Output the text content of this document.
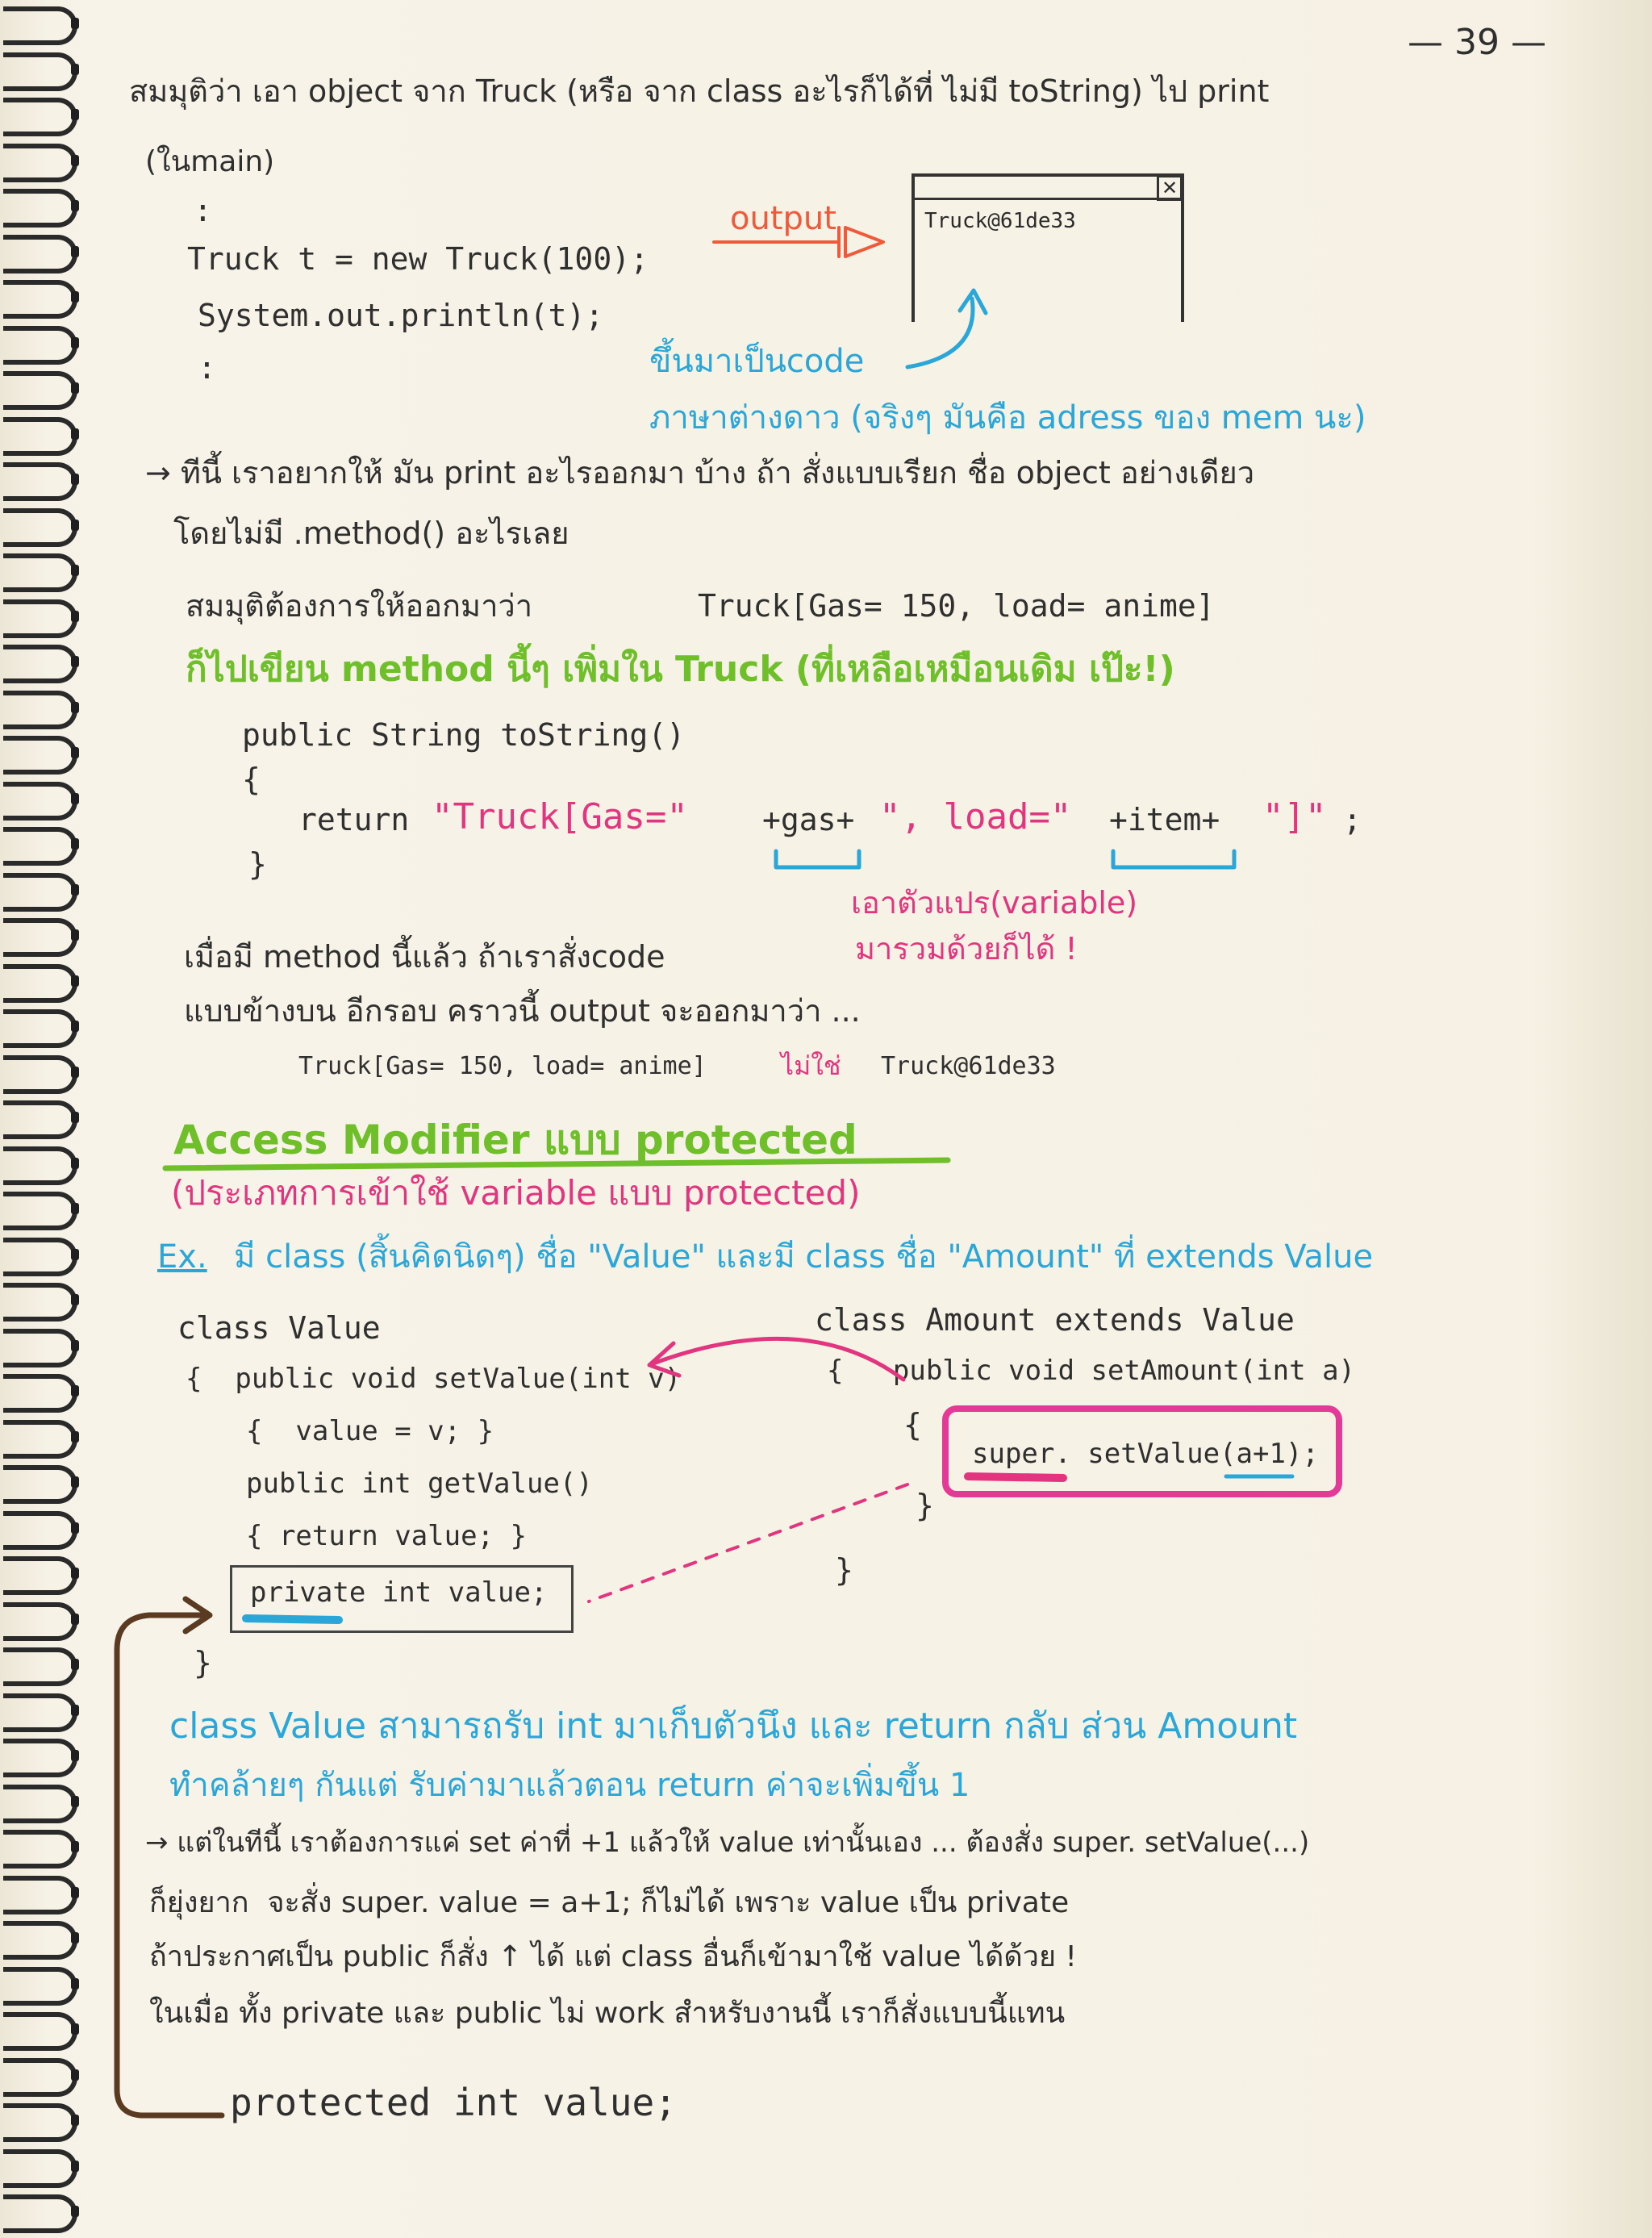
— 39 —
สมมุติว่า เอา object จาก Truck (หรือ จาก class อะไรก็ได้ที่ ไม่มี toString) ไป print
(ในmain)
:
Truck t = new Truck(100);
System.out.println(t);
:
output
✕
Truck@61de33
ขึ้นมาเป็นcode
ภาษาต่างดาว (จริงๆ มันคือ adress ของ mem นะ)
→ ทีนี้ เราอยากให้ มัน print อะไรออกมา บ้าง ถ้า สั่งแบบเรียก ชื่อ object อย่างเดียว
โดยไม่มี .method() อะไรเลย
สมมุติต้องการให้ออกมาว่า	Truck[Gas= 150, load= anime]
ก็ไปเขียน method นี้ๆ เพิ่มใน Truck (ที่เหลือเหมือนเดิม เป๊ะ!)
public String toString()
{
return "Truck[Gas=" +gas+ ", load=" +item+ "]" ;
}
เอาตัวแปร(variable)
มารวมด้วยก็ได้ !
เมื่อมี method นี้แล้ว ถ้าเราสั่งcode
แบบข้างบน อีกรอบ คราวนี้ output จะออกมาว่า ...
Truck[Gas= 150, load= anime]	ไม่ใช่ Truck@61de33
Access Modifier แบบ protected
(ประเภทการเข้าใช้ variable แบบ protected)
Ex. มี class (สิ้นคิดนิดๆ) ชื่อ "Value" และมี class ชื่อ "Amount" ที่ extends Value
class Value
{  public void setValue(int v)
{  value = v; }
public int getValue()
{ return value; }
private int value;
}
class Amount extends Value
{   public void setAmount(int a)
{
super. setValue(a+1);
}
}
class Value สามารถรับ int มาเก็บตัวนึง และ return กลับ ส่วน Amount
ทำคล้ายๆ กันแต่ รับค่ามาแล้วตอน return ค่าจะเพิ่มขึ้น 1
→ แต่ในทีนี้ เราต้องการแค่ set ค่าที่ +1 แล้วให้ value เท่านั้นเอง ... ต้องสั่ง super. setValue(...)
ก็ยุ่งยาก  จะสั่ง super. value = a+1; ก็ไม่ได้ เพราะ value เป็น private
ถ้าประกาศเป็น public ก็สั่ง ↑ ได้ แต่ class อื่นก็เข้ามาใช้ value ได้ด้วย !
ในเมื่อ ทั้ง private และ public ไม่ work สำหรับงานนี้ เราก็สั่งแบบนี้แทน
protected int value;
